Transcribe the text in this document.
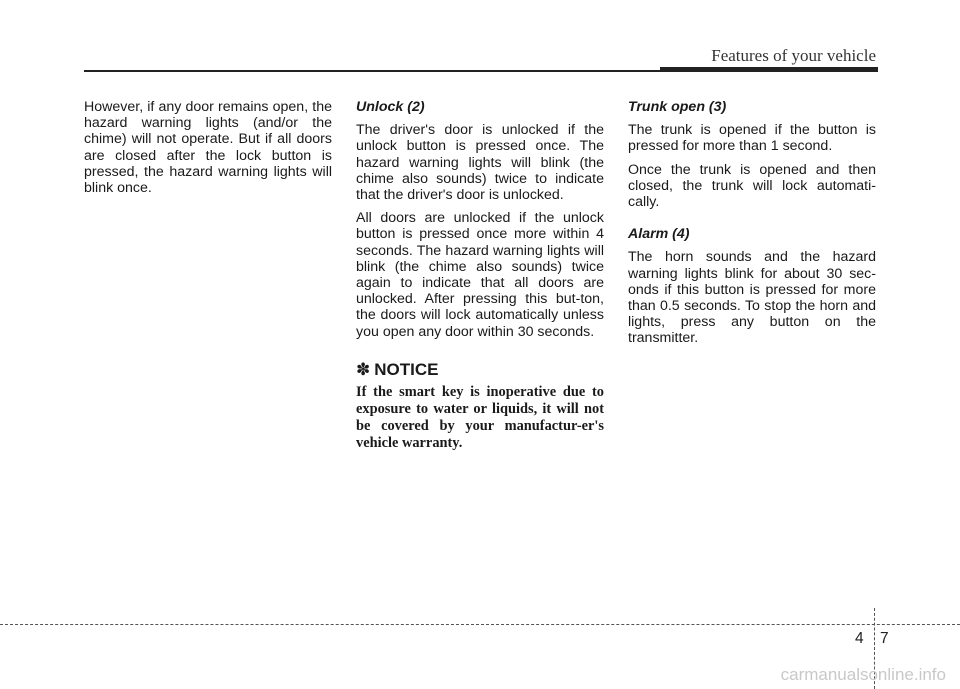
Features of your vehicle

However, if any door remains open, the hazard warning lights (and/or the chime) will not operate. But if all doors are closed after the lock button is pressed, the hazard warning lights will blink once.

Unlock (2)

The driver's door is unlocked if the unlock button is pressed once. The hazard warning lights will blink (the chime also sounds) twice to indicate that the driver's door is unlocked.

All doors are unlocked if the unlock button is pressed once more within 4 seconds. The hazard warning lights will blink (the chime also sounds) twice again to indicate that all doors are unlocked. After pressing this but-ton, the doors will lock automatically unless you open any door within 30 seconds.

✽ NOTICE

If the smart key is inoperative due to exposure to water or liquids, it will not be covered by your manufactur-er's vehicle warranty.

Trunk open (3)

The trunk is opened if the button is pressed for more than 1 second.

Once the trunk is opened and then closed, the trunk will lock automati-cally.

Alarm (4)

The horn sounds and the hazard warning lights blink for about 30 sec-onds if this button is pressed for more than 0.5 seconds. To stop the horn and lights, press any button on the transmitter.

4 7
carmanualsonline.info
